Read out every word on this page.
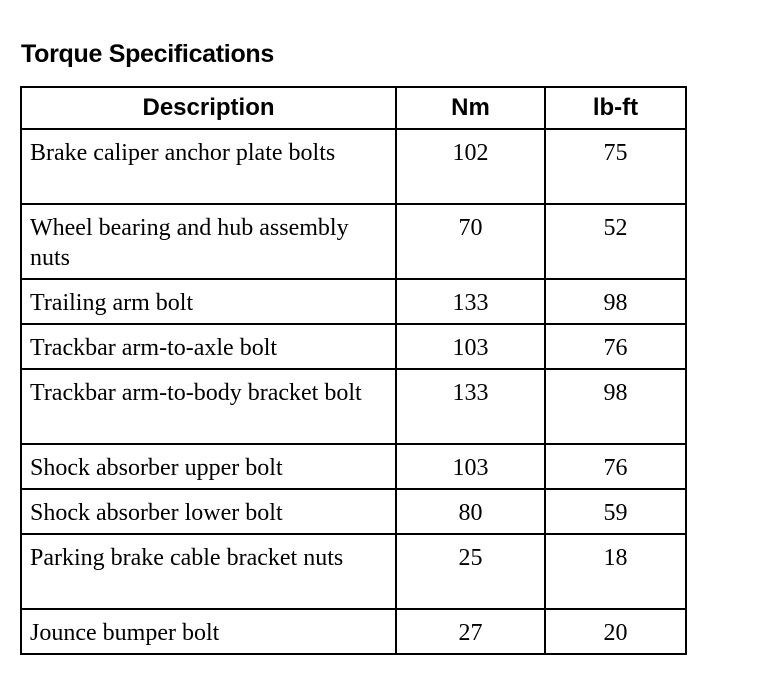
Torque Specifications
Description	Nm	lb-ft
Brake caliper anchor plate bolts	102	75
Wheel bearing and hub assembly nuts	70	52
Trailing arm bolt	133	98
Trackbar arm-to-axle bolt	103	76
Trackbar arm-to-body bracket bolt	133	98
Shock absorber upper bolt	103	76
Shock absorber lower bolt	80	59
Parking brake cable bracket nuts	25	18
Jounce bumper bolt	27	20
